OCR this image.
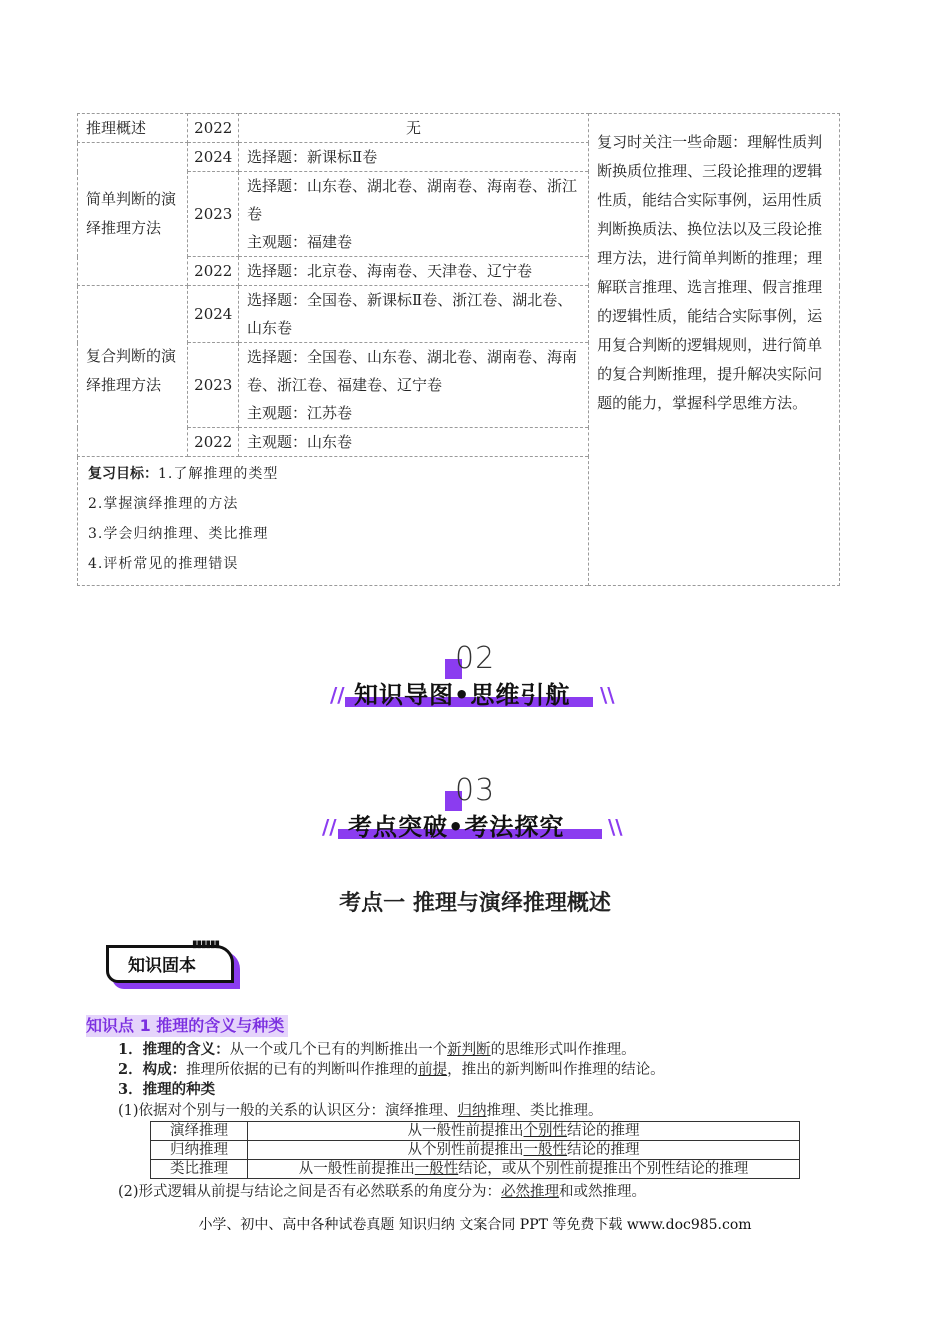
推理概述	2022	无	复习时关注一些命题：理解性质判断换质位推理、三段论推理的逻辑性质，能结合实际事例，运用性质判断换质法、换位法以及三段论推理方法，进行简单判断的推理；理解联言推理、选言推理、假言推理的逻辑性质，能结合实际事例，运用复合判断的逻辑规则，进行简单的复合判断推理，提升解决实际问题的能力，掌握科学思维方法。
简单判断的演绎推理方法	2024	选择题：新课标Ⅱ卷	
	2023	选择题：山东卷、湖北卷、湖南卷、海南卷、浙江卷
主观题：福建卷	

	2022	选择题：北京卷、海南卷、天津卷、辽宁卷	
复合判断的演绎推理方法	2024	选择题：全国卷、新课标Ⅱ卷、浙江卷、湖北卷、山东卷	
	2023	选择题：全国卷、山东卷、湖北卷、湖南卷、海南卷、浙江卷、福建卷、辽宁卷
主观题：江苏卷	

	2022	主观题：山东卷	

复习目标：1.了解推理的类型
2.掌握演绎推理的方法
3.学会归纳推理、类比推理
4.评析常见的推理错误			
02
// 知识导图•思维引航 \\
03
// 考点突破•考法探究 \\
考点一 推理与演绎推理概述
▮▮▮▮▮▮
知识固本
知识点 1 推理的含义与种类
1．推理的含义：从一个或几个已有的判断推出一个新判断的思维形式叫作推理。
2．构成：推理所依据的已有的判断叫作推理的前提，推出的新判断叫作推理的结论。
3．推理的种类
(1)依据对个别与一般的关系的认识区分：演绎推理、归纳推理、类比推理。
演绎推理	从一般性前提推出个别性结论的推理
归纳推理	从个别性前提推出一般性结论的推理
类比推理	从一般性前提推出一般性结论，或从个别性前提推出个别性结论的推理
(2)形式逻辑从前提与结论之间是否有必然联系的角度分为：必然推理和或然推理。
小学、初中、高中各种试卷真题 知识归纳 文案合同 PPT 等免费下载 www.doc985.com
